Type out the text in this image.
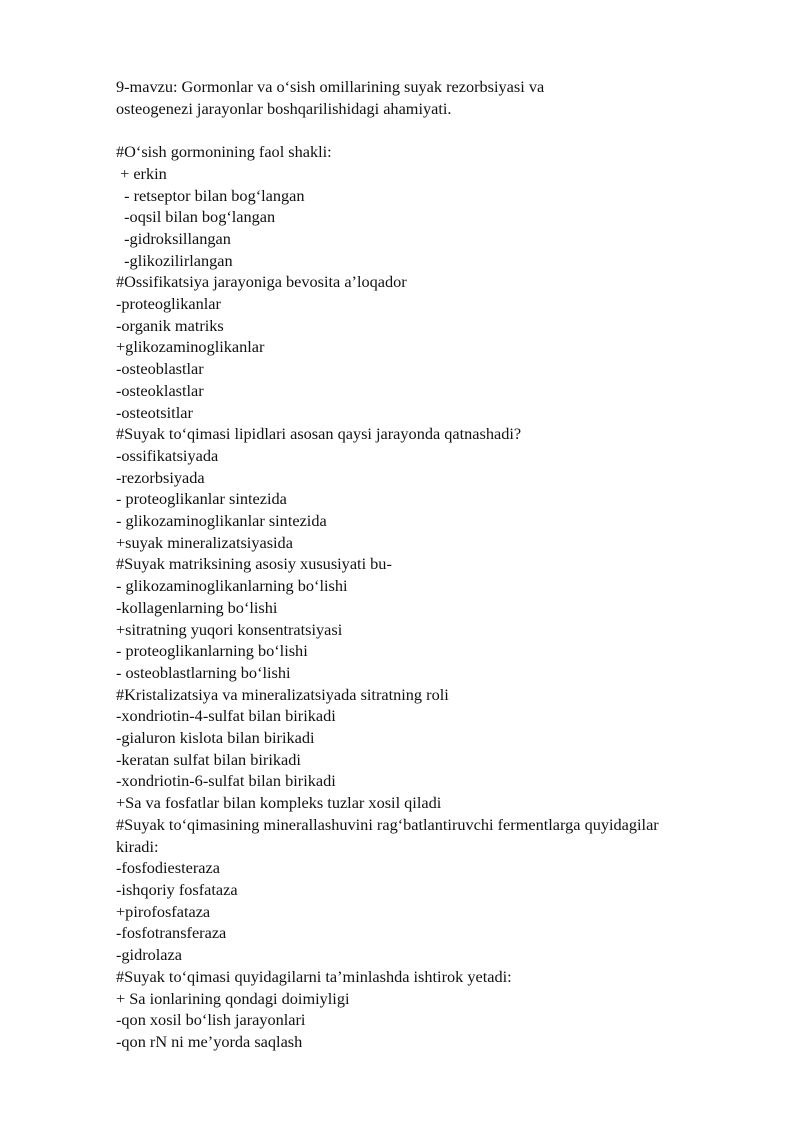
9-mavzu: Gormonlar va o‘sish omillarining suyak rezorbsiyasi va
osteogenezi jarayonlar boshqarilishidagi ahamiyati.
#O‘sish gormonining faol shakli:
+ erkin
- retseptor bilan bog‘langan
-oqsil bilan bog‘langan
-gidroksillangan
-glikozilirlangan
#Ossifikatsiya jarayoniga bevosita a’loqador
-proteoglikanlar
-organik matriks
+glikozaminoglikanlar
-osteoblastlar
-osteoklastlar
-osteotsitlar
#Suyak to‘qimasi lipidlari asosan qaysi jarayonda qatnashadi?
-ossifikatsiyada
-rezorbsiyada
- proteoglikanlar sintezida
- glikozaminoglikanlar sintezida
+suyak mineralizatsiyasida
#Suyak matriksining asosiy xususiyati bu-
- glikozaminoglikanlarning bo‘lishi
-kollagenlarning bo‘lishi
+sitratning yuqori konsentratsiyasi
- proteoglikanlarning bo‘lishi
- osteoblastlarning bo‘lishi
#Kristalizatsiya va mineralizatsiyada sitratning roli
-xondriotin-4-sulfat bilan birikadi
-gialuron kislota bilan birikadi
-keratan sulfat bilan birikadi
-xondriotin-6-sulfat bilan birikadi
+Sa va fosfatlar bilan kompleks tuzlar xosil qiladi
#Suyak to‘qimasining minerallashuvini rag‘batlantiruvchi fermentlarga quyidagilar
kiradi:
-fosfodiesteraza
-ishqoriy fosfataza
+pirofosfataza
-fosfotransferaza
-gidrolaza
#Suyak to‘qimasi quyidagilarni ta’minlashda ishtirok yetadi:
+ Sa ionlarining qondagi doimiyligi
-qon xosil bo‘lish jarayonlari
-qon rN ni me’yorda saqlash
